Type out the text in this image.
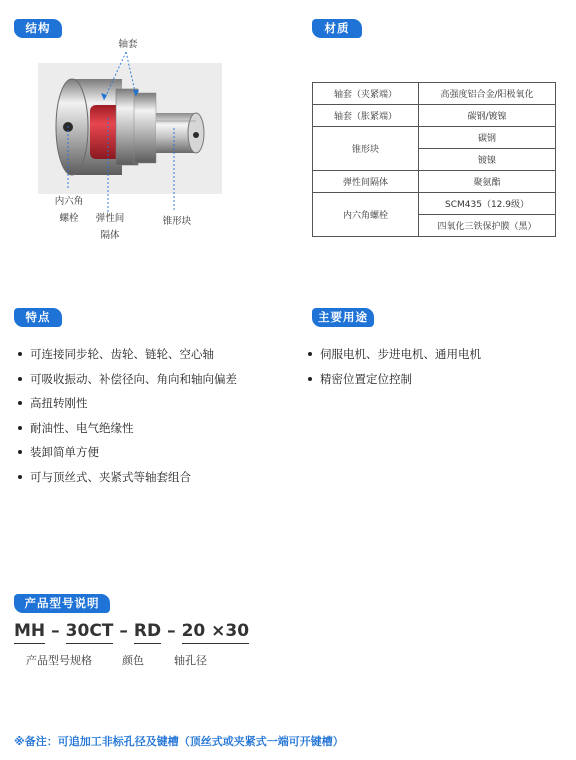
结构	材质
特点	主要用途
产品型号说明
轴套
内六角
螺栓	弹性间
隔体
锥形块
轴套（夹紧端）	高强度铝合金/阳极氧化
轴套（胀紧端）	碳钢/镀镍
锥形块	碳钢
	镀镍
弹性间隔体	聚氨酯
内六角螺栓	SCM435（12.9级）
	四氧化三铁保护膜（黑）
可连接同步轮、齿轮、链轮、空心轴
可吸收振动、补偿径向、角向和轴向偏差
高扭转刚性
耐油性、电气绝缘性
装卸简单方便
可与顶丝式、夹紧式等轴套组合
伺服电机、步进电机、通用电机
精密位置定位控制
MH – 30CT – RD – 20 ×30
产品型号规格	颜色	轴孔径
※备注：可追加工非标孔径及键槽（顶丝式或夹紧式一端可开键槽）
